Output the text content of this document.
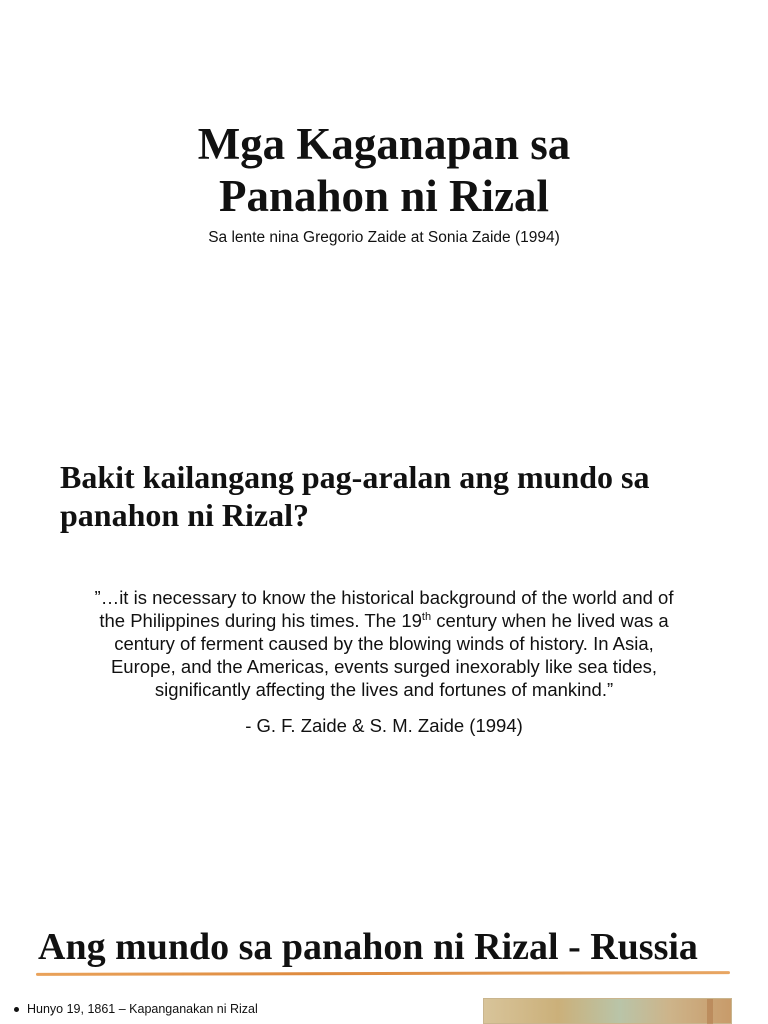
Mga Kaganapan sa
Panahon ni Rizal

Sa lente nina Gregorio Zaide at Sonia Zaide (1994)

Bakit kailangang pag-aralan ang mundo sa
panahon ni Rizal?
”…it is necessary to know the historical background of the world and of
the Philippines during his times. The 19th century when he lived was a
century of ferment caused by the blowing winds of history. In Asia,
Europe, and the Americas, events surged inexorably like sea tides,
significantly affecting the lives and fortunes of mankind.”

- G. F. Zaide & S. M. Zaide (1994)

Ang mundo sa panahon ni Rizal - Russia
Hunyo 19, 1861 – Kapanganakan ni Rizal
